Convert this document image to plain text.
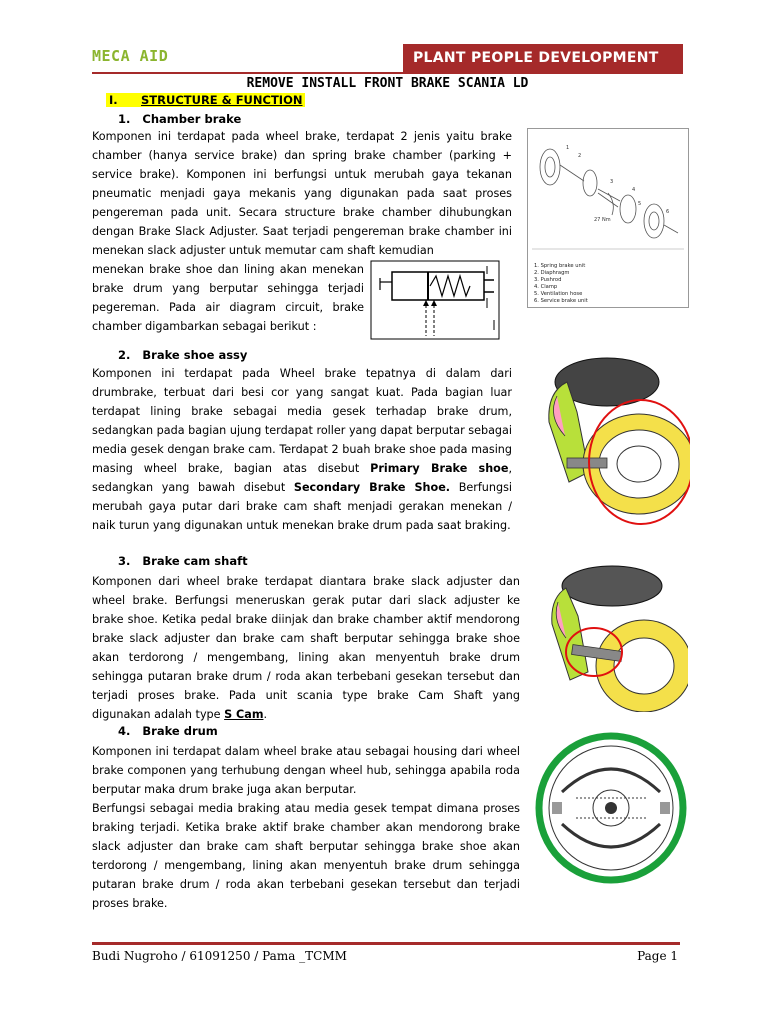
MECA AID	PLANT PEOPLE DEVELOPMENT
REMOVE INSTALL FRONT BRAKE SCANIA LD
I. STRUCTURE & FUNCTION
1.   Chamber brake
Komponen ini terdapat pada wheel brake, terdapat 2 jenis yaitu brake chamber (hanya service brake) dan spring brake chamber (parking + service brake). Komponen ini berfungsi untuk merubah gaya tekanan pneumatic menjadi gaya mekanis yang digunakan pada saat proses pengereman pada unit. Secara structure brake chamber dihubungkan dengan Brake Slack Adjuster. Saat terjadi pengereman brake chamber ini menekan slack adjuster untuk memutar cam shaft kemudian
menekan brake shoe dan lining akan menekan brake drum yang berputar sehingga terjadi pegereman. Pada air diagram circuit, brake chamber digambarkan sebagai berikut :
1
2
3
4
5
6
27 Nm
1. Spring brake unit
2. Diaphragm
3. Pushrod
4. Clamp
5. Ventilation hose
6. Service brake unit
2.   Brake shoe assy
Komponen ini terdapat pada Wheel brake tepatnya di dalam dari drumbrake, terbuat dari besi cor yang sangat kuat. Pada bagian luar terdapat lining brake sebagai media gesek terhadap brake drum, sedangkan pada bagian ujung terdapat roller yang dapat berputar sebagai media gesek dengan brake cam. Terdapat 2 buah brake shoe pada masing masing wheel brake, bagian atas disebut Primary Brake shoe, sedangkan yang bawah disebut Secondary Brake Shoe. Berfungsi merubah gaya putar dari brake cam shaft menjadi gerakan menekan / naik turun yang digunakan untuk menekan brake drum pada saat braking.
3.   Brake cam shaft
Komponen dari wheel brake terdapat diantara brake slack adjuster dan wheel brake. Berfungsi meneruskan gerak putar dari slack adjuster ke brake shoe. Ketika pedal brake diinjak dan brake chamber aktif mendorong brake slack adjuster dan brake cam shaft berputar sehingga brake shoe akan terdorong / mengembang, lining akan menyentuh brake drum sehingga putaran brake drum / roda akan terbebani gesekan tersebut dan terjadi proses brake. Pada unit scania type brake Cam Shaft yang digunakan adalah type S Cam.
4.   Brake drum
Komponen ini terdapat dalam wheel brake atau sebagai housing dari wheel brake componen yang terhubung dengan wheel hub, sehingga apabila roda berputar maka drum brake juga akan berputar.
Berfungsi sebagai media braking atau media gesek tempat dimana proses braking terjadi. Ketika brake aktif brake chamber akan mendorong brake slack adjuster dan brake cam shaft berputar sehingga brake shoe akan terdorong / mengembang, lining akan menyentuh brake drum sehingga putaran brake drum / roda akan terbebani gesekan tersebut dan terjadi proses brake.
Budi Nugroho / 61091250 / Pama _TCMM	Page 1
